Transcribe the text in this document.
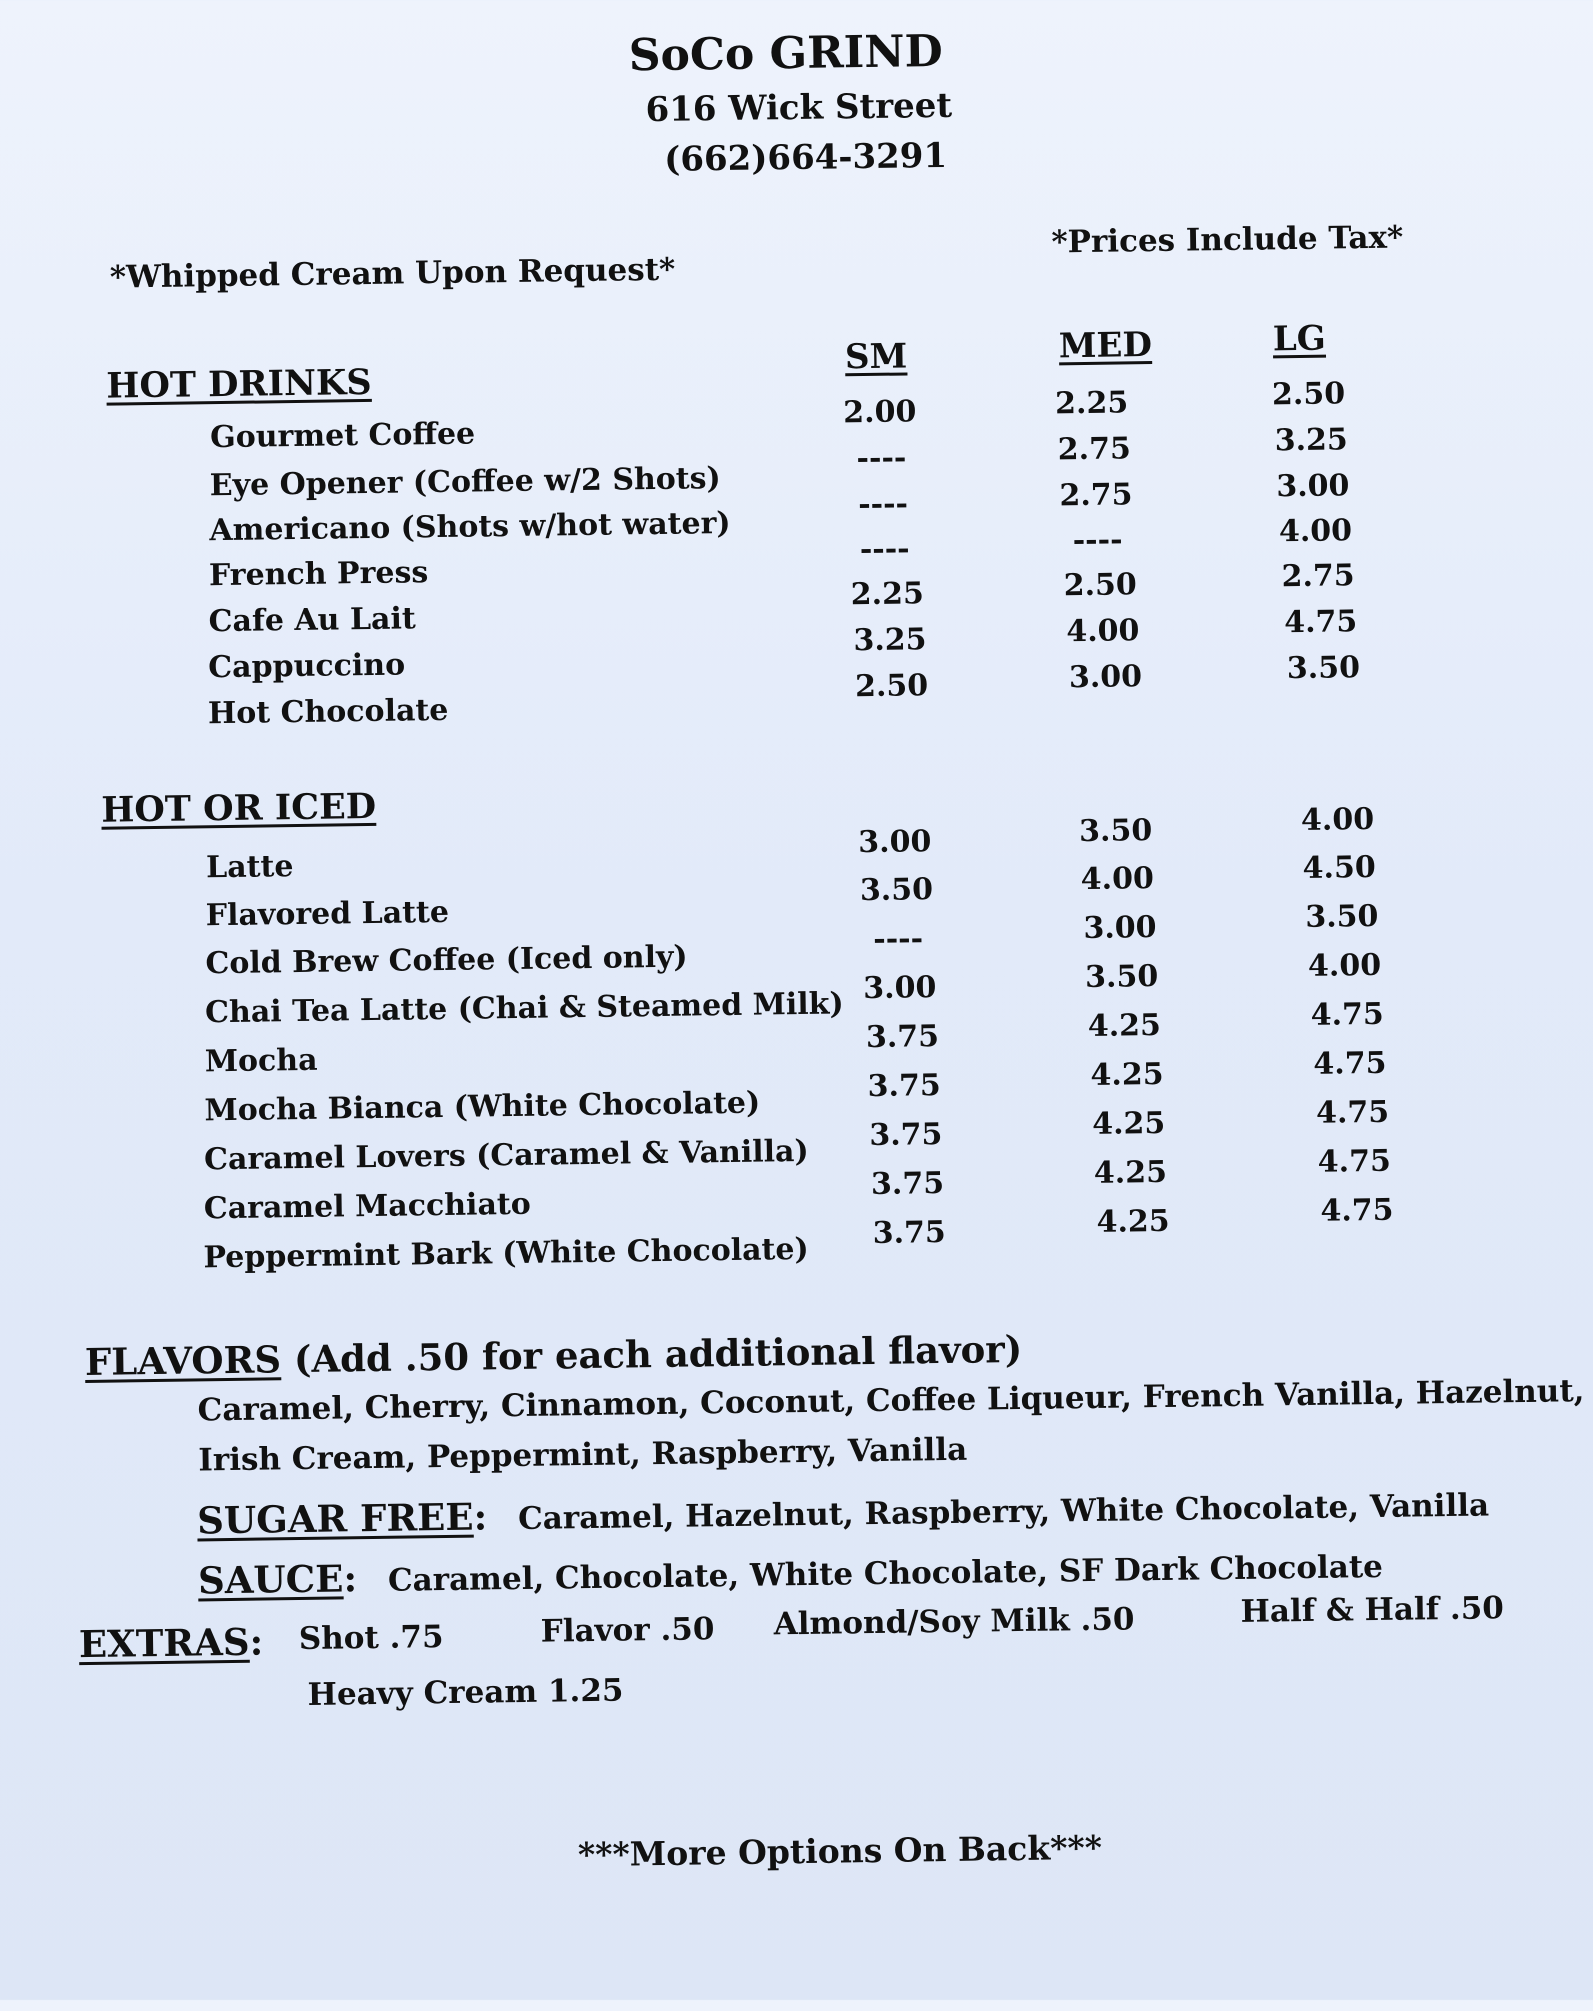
SoCo GRIND
616 Wick Street
(662)664-3291
*Whipped Cream Upon Request*
*Prices Include Tax*
HOT DRINKS
SM	MED	LG
Gourmet Coffee
2.00	2.25	2.50
Eye Opener (Coffee w/2 Shots)
----	2.75	3.25
Americano (Shots w/hot water)
----	2.75	3.00
French Press
----	----	4.00
Cafe Au Lait
2.25	2.50	2.75
Cappuccino
3.25	4.00	4.75
Hot Chocolate
2.50	3.00	3.50
HOT OR ICED
Latte
3.00	3.50	4.00
Flavored Latte
3.50	4.00	4.50
Cold Brew Coffee (Iced only)
----	3.00	3.50
Chai Tea Latte (Chai & Steamed Milk) 3.00	3.50	4.00
Mocha
3.75	4.25	4.75
Mocha Bianca (White Chocolate)	3.75	4.25	4.75
Caramel Lovers (Caramel & Vanilla)	3.75	4.25	4.75
Caramel Macchiato
3.75	4.25	4.75
Peppermint Bark (White Chocolate)	3.75	4.25	4.75
FLAVORS (Add .50 for each additional flavor)
Caramel, Cherry, Cinnamon, Coconut, Coffee Liqueur, French Vanilla, Hazelnut,
Irish Cream, Peppermint, Raspberry, Vanilla
SUGAR FREE: Caramel, Hazelnut, Raspberry, White Chocolate, Vanilla
SAUCE: Caramel, Chocolate, White Chocolate, SF Dark Chocolate
EXTRAS: Shot .75	Flavor .50 Almond/Soy Milk .50	Half & Half .50
Heavy Cream 1.25
***More Options On Back***
